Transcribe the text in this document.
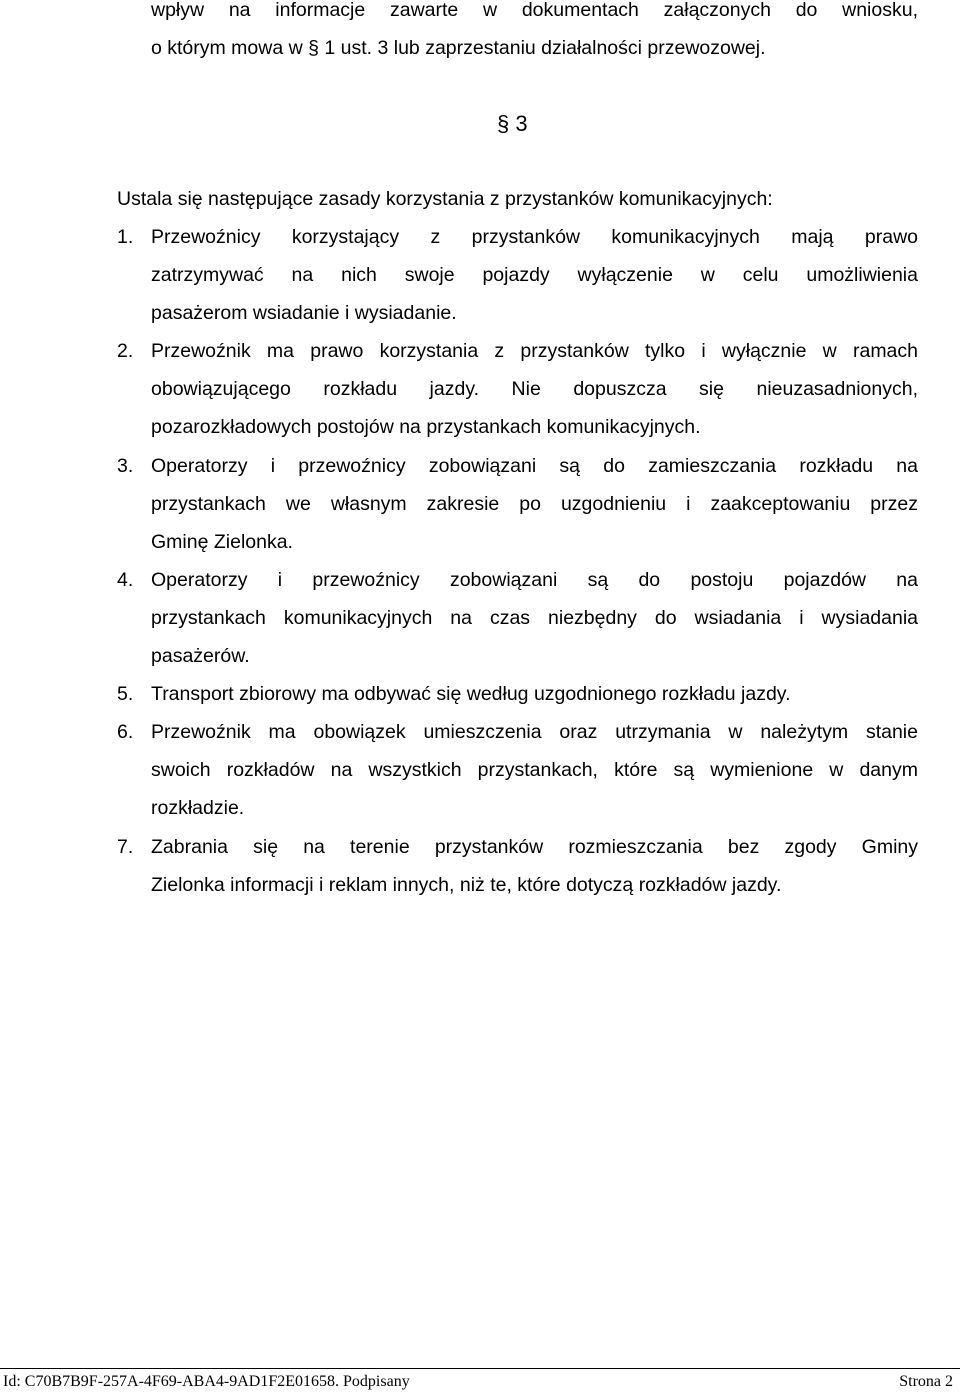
wpływ na informacje zawarte w dokumentach załączonych do wniosku,
o którym mowa w § 1 ust. 3 lub zaprzestaniu działalności przewozowej.

§ 3

Ustala się następujące zasady korzystania z przystanków komunikacyjnych:

1. Przewoźnicy korzystający z przystanków komunikacyjnych mają prawo
zatrzymywać na nich swoje pojazdy wyłączenie w celu umożliwienia
pasażerom wsiadanie i wysiadanie.

2. Przewoźnik ma prawo korzystania z przystanków tylko i wyłącznie w ramach
obowiązującego rozkładu jazdy. Nie dopuszcza się nieuzasadnionych,
pozarozkładowych postojów na przystankach komunikacyjnych.

3. Operatorzy i przewoźnicy zobowiązani są do zamieszczania rozkładu na
przystankach we własnym zakresie po uzgodnieniu i zaakceptowaniu przez
Gminę Zielonka.

4. Operatorzy i przewoźnicy zobowiązani są do postoju pojazdów na
przystankach komunikacyjnych na czas niezbędny do wsiadania i wysiadania
pasażerów.

5. Transport zbiorowy ma odbywać się według uzgodnionego rozkładu jazdy.

6. Przewoźnik ma obowiązek umieszczenia oraz utrzymania w należytym stanie
swoich rozkładów na wszystkich przystankach, które są wymienione w danym
rozkładzie.

7. Zabrania się na terenie przystanków rozmieszczania bez zgody Gminy
Zielonka informacji i reklam innych, niż te, które dotyczą rozkładów jazdy.

Id: C70B7B9F-257A-4F69-ABA4-9AD1F2E01658. Podpisany	Strona 2
